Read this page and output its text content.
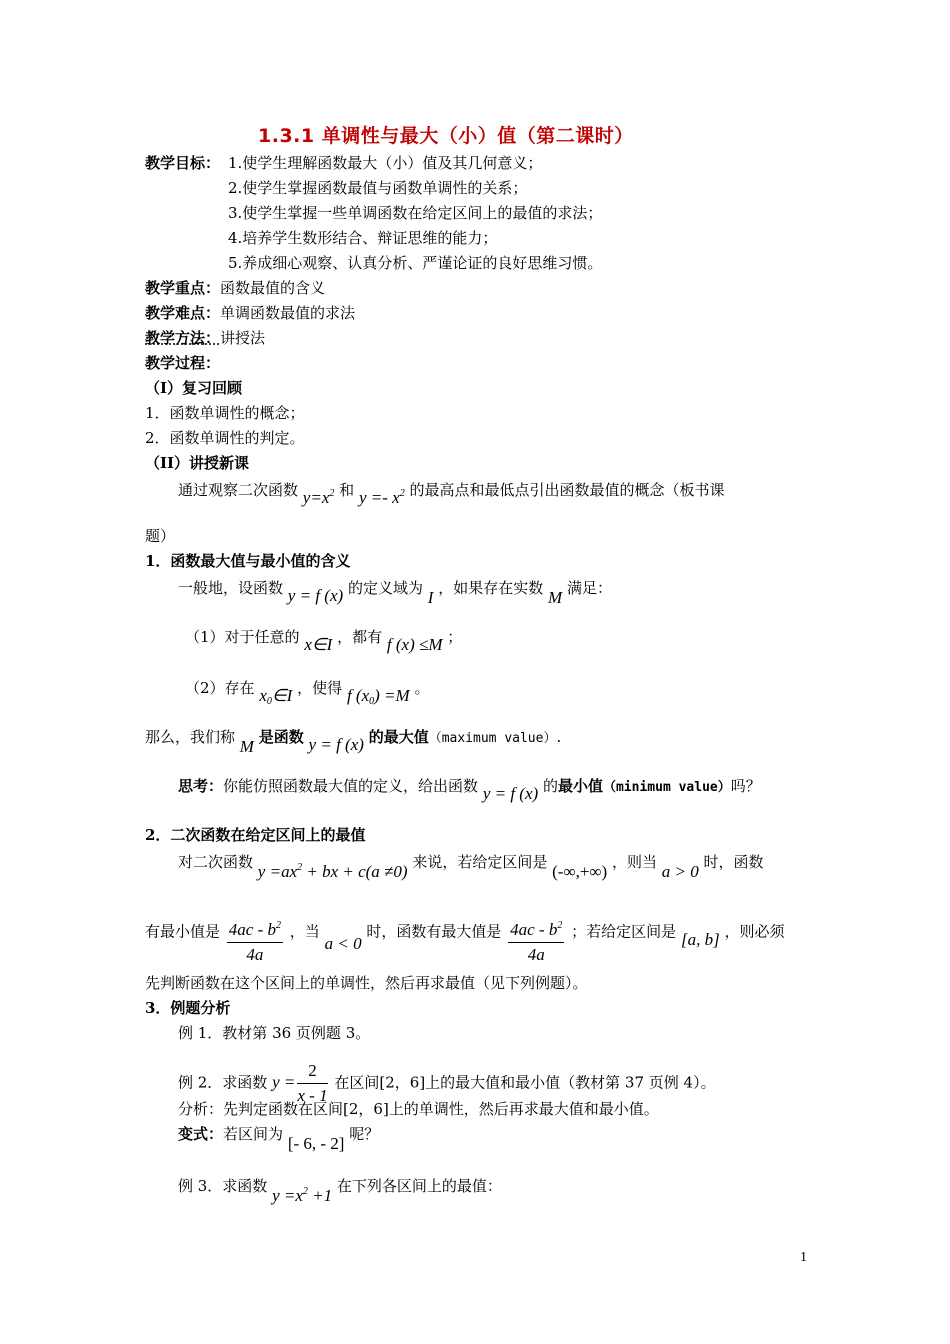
1.3.1 单调性与最大（小）值（第二课时）
教学目标： 1.使学生理解函数最大（小）值及其几何意义；
2.使学生掌握函数最值与函数单调性的关系；
3.使学生掌握一些单调函数在给定区间上的最值的求法；
4.培养学生数形结合、辩证思维的能力；
5.养成细心观察、认真分析、严谨论证的良好思维习惯。
教学重点：函数最值的含义
教学难点：单调函数最值的求法
教学方法：讲授法
教学过程：
（I）复习回顾
1．函数单调性的概念；
2．函数单调性的判定。
（II）讲授新课
通过观察二次函数 $y=x^2$ 和 $y =- x^2$ 的最高点和最低点引出函数最值的概念（板书课
题）
1．函数最大值与最小值的含义
一般地，设函数 y = f (x) 的定义域为 I ，如果存在实数 M 满足：
（1）对于任意的 x∈I ，都有 f (x) ≤M ；
（2）存在 $x_0\in I$ ，使得 f $(x_0) =M$ 。
那么，我们称 M 是函数 y = f (x) 的最大值（maximum value）.
思考：你能仿照函数最大值的定义，给出函数 y = f (x) 的最小值（minimum value）吗？
2．二次函数在给定区间上的最值
对二次函数 $y =ax^2$ + bx + c(a ≠0) 来说，若给定区间是 (-∞,+∞) ，则当 a > 0 时，函数
有最小值是 $\frac{4ac - b^2}{4a}$ ，当 a < 0 时，函数有最大值是 $\frac{4ac - b^2}{4a}$ ；若给定区间是 [a, b] ，则必须
先判断函数在这个区间上的单调性，然后再求最值（见下列例题）。
3．例题分析
例 1．教材第 36 页例题 3。
例 2．求函数 $y = \frac{2}{x - 1}$ 在区间[2，6]上的最大值和最小值（教材第 37 页例 4）。
分析：先判定函数在区间[2，6]上的单调性，然后再求最大值和最小值。
变式：若区间为 [- 6, - 2] 呢？
例 3．求函数 $y =x^2 +1$ 在下列各区间上的最值：
1
